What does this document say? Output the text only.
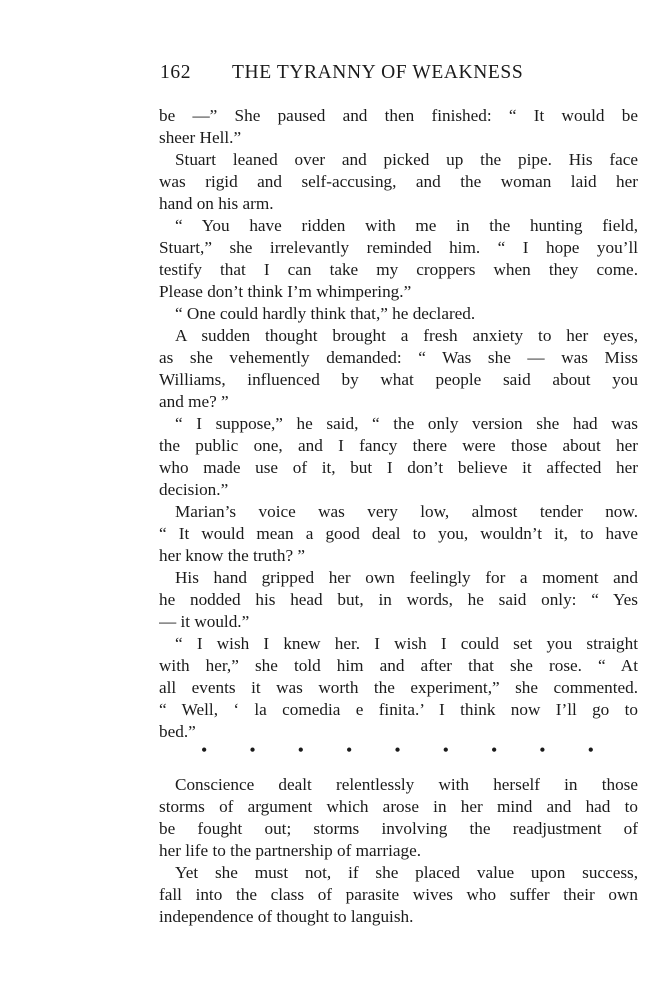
162 THE TYRANNY OF WEAKNESS
be —” She paused and then finished: “ It would be
sheer Hell.”
Stuart leaned over and picked up the pipe. His face
was rigid and self-accusing, and the woman laid her
hand on his arm.
“ You have ridden with me in the hunting field,
Stuart,” she irrelevantly reminded him. “ I hope you’ll
testify that I can take my croppers when they come.
Please don’t think I’m whimpering.”
“ One could hardly think that,” he declared.
A sudden thought brought a fresh anxiety to her eyes,
as she vehemently demanded: “ Was she — was Miss
Williams, influenced by what people said about you
and me? ”
“ I suppose,” he said, “ the only version she had was
the public one, and I fancy there were those about her
who made use of it, but I don’t believe it affected her
decision.”
Marian’s voice was very low, almost tender now.
“ It would mean a good deal to you, wouldn’t it, to have
her know the truth? ”
His hand gripped her own feelingly for a moment and
he nodded his head but, in words, he said only: “ Yes
— it would.”
“ I wish I knew her. I wish I could set you straight
with her,” she told him and after that she rose. “ At
all events it was worth the experiment,” she commented.
“ Well, ‘ la comedia e finita.’ I think now I’ll go to
bed.”
• • • • • • • • •
Conscience dealt relentlessly with herself in those
storms of argument which arose in her mind and had to
be fought out; storms involving the readjustment of
her life to the partnership of marriage.
Yet she must not, if she placed value upon success,
fall into the class of parasite wives who suffer their own
independence of thought to languish.
